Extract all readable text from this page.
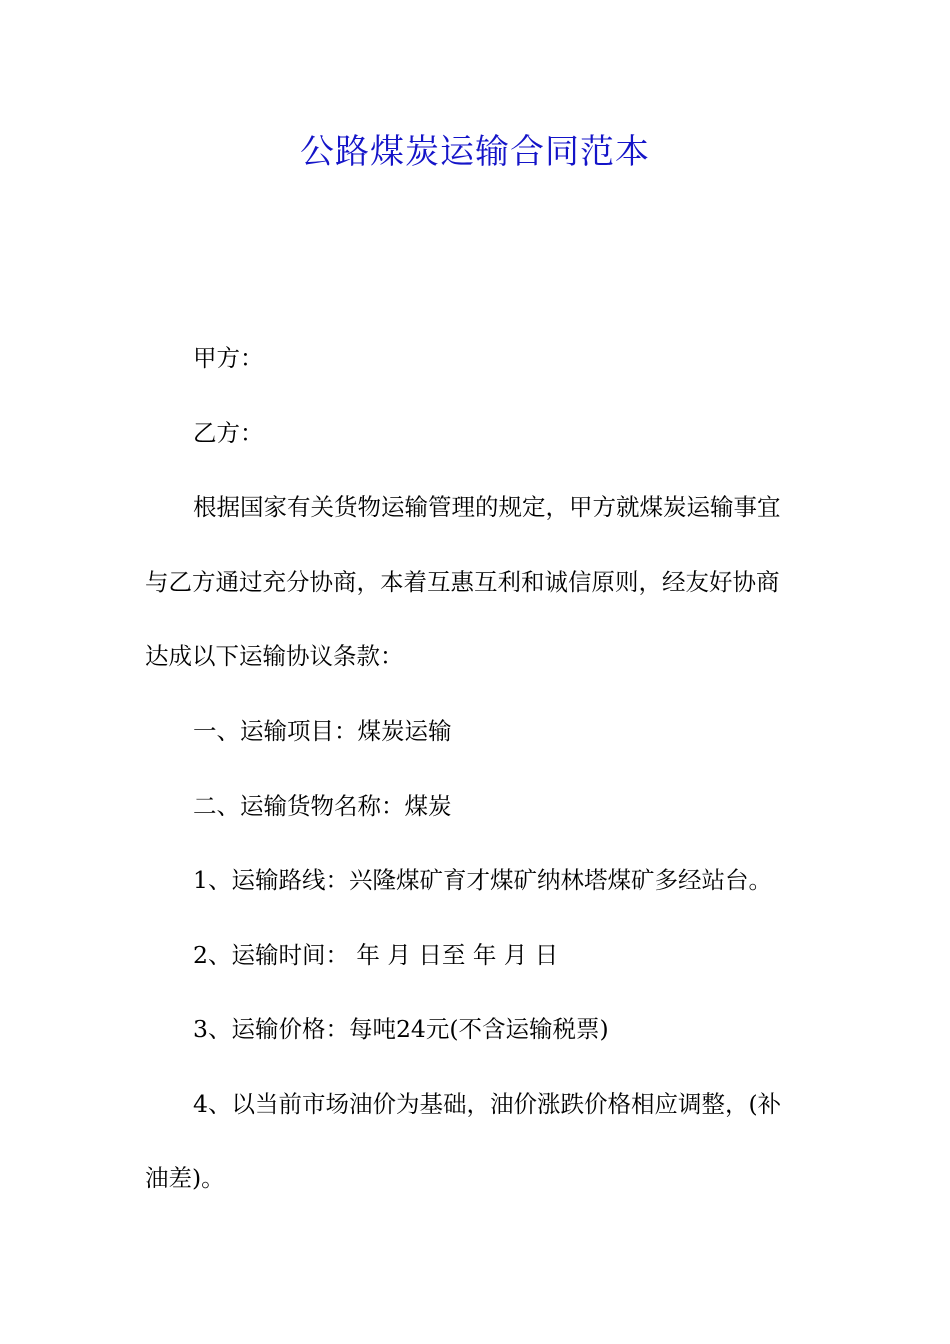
公路煤炭运输合同范本
甲方：
乙方：
根据国家有关货物运输管理的规定，甲方就煤炭运输事宜
与乙方通过充分协商，本着互惠互利和诚信原则，经友好协商
达成以下运输协议条款：
一、运输项目：煤炭运输
二、运输货物名称：煤炭
1、运输路线：兴隆煤矿育才煤矿纳林塔煤矿多经站台。
2、运输时间： 年 月 日至 年 月 日
3、运输价格：每吨24元(不含运输税票)
4、以当前市场油价为基础，油价涨跌价格相应调整，(补
油差)。
